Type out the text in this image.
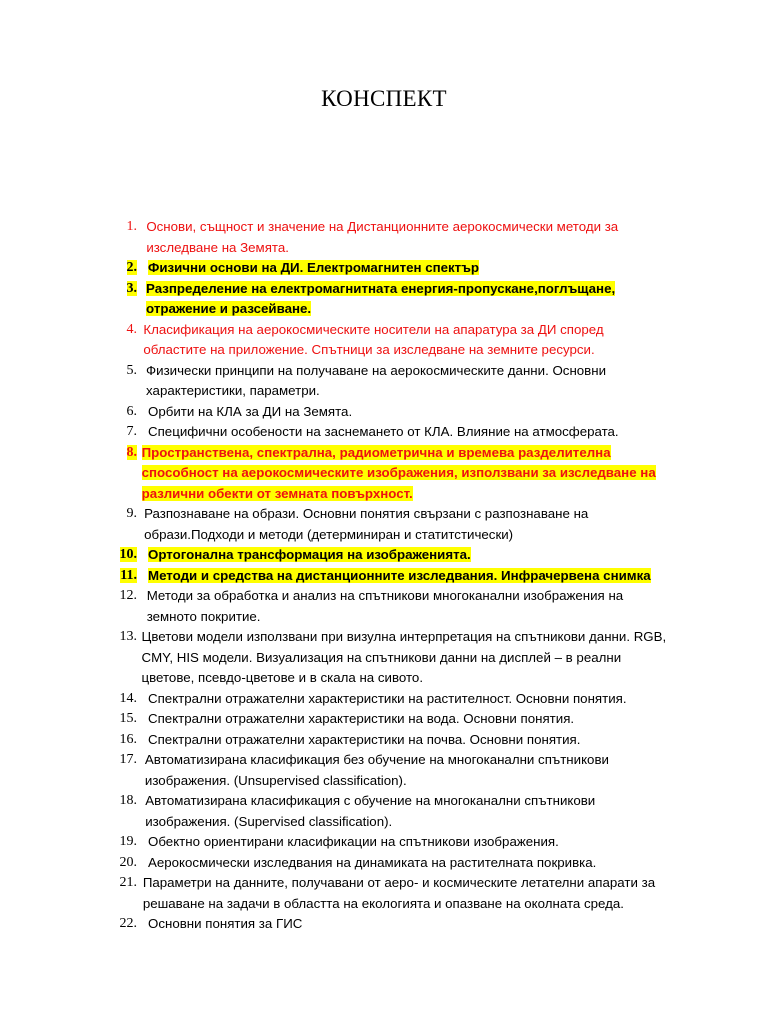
КОНСПЕКТ
1. Основи, същност и значение на Дистанционните аерокосмически методи за изследване на Земята.
2. Физични основи на ДИ. Електромагнитен спектър
3. Разпределение на електромагнитната енергия-пропускане,поглъщане, отражение и разсейване.
4. Класификация на аерокосмическите носители на апаратура за ДИ според областите на приложение. Спътници за изследване на земните ресурси.
5. Физически принципи на получаване на аерокосмическите данни. Основни характеристики, параметри.
6. Орбити на КЛА за ДИ на Земята.
7. Специфични особености на заснемането от КЛА. Влияние на атмосферата.
8. Пространствена, спектрална, радиометрична и времева разделителна способност на аерокосмическите изображения, използвани за изследване на различни обекти от земната повърхност.
9. Разпознаване на образи. Основни понятия свързани с разпознаване на образи.Подходи и методи (детерминиран и статитстически)
10. Ортогонална трансформация на изображенията.
11. Методи и средства на дистанционните изследвания. Инфрачервена снимка
12. Методи за обработка и анализ на спътникови многоканални изображения на земното покритие.
13. Цветови модели използвани при визулна интерпретация на спътникови данни. RGB, CMY, HIS модели. Визуализация на спътникови данни на дисплей – в реални цветове, псевдо-цветове и в скала на сивото.
14. Спектрални отражателни характеристики на растителност. Основни понятия.
15. Спектрални отражателни характеристики на вода. Основни понятия.
16. Спектрални отражателни характеристики на почва. Основни понятия.
17. Автоматизирана класификация без обучение на многоканални спътникови изображения. (Unsupervised classification).
18. Автоматизирана класификация с обучение на многоканални спътникови изображения. (Supervised classification).
19. Обектно ориентирани класификации на спътникови изображения.
20. Аерокосмически изследвания на динамиката на растителната покривка.
21. Параметри на данните, получавани от аеро- и космическите летателни апарати за решаване на задачи в областта на екологията и опазване на околната среда.
22. Основни понятия за ГИС
